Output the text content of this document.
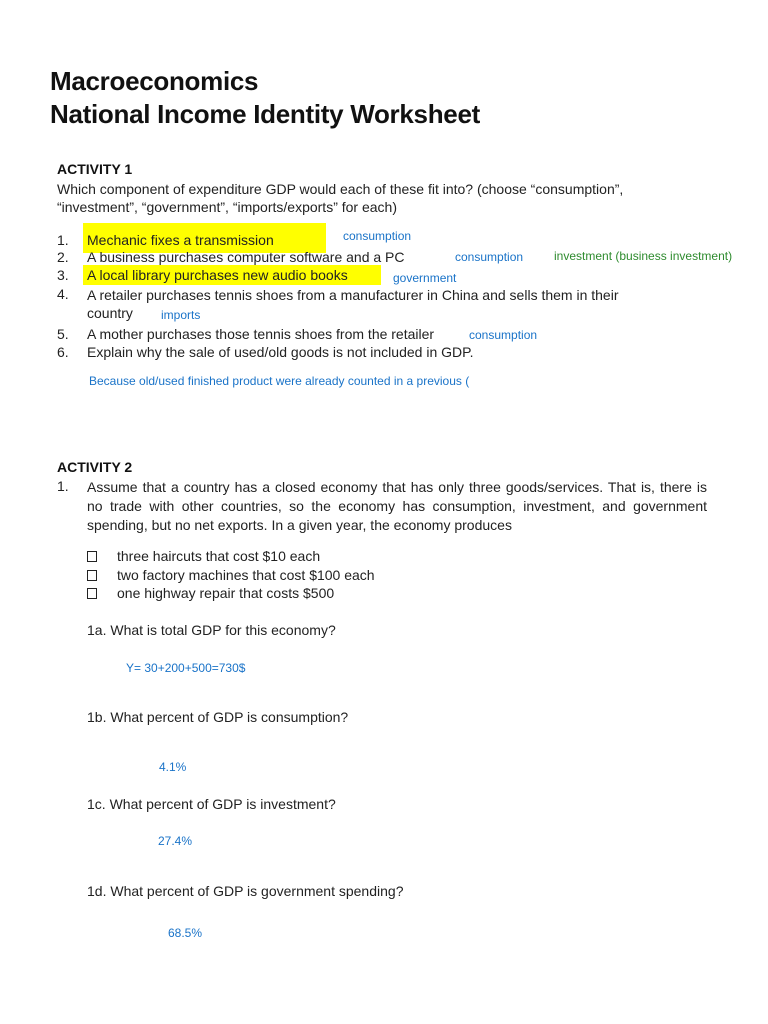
Macroeconomics
National Income Identity Worksheet
ACTIVITY 1
Which component of expenditure GDP would each of these fit into? (choose “consumption”,
“investment”, “government”, “imports/exports” for each)
1. Mechanic fixes a transmission	consumption
2. A business purchases computer software and a PC	consumption	investment (business investment)
3. A local library purchases new audio books	government
4. A retailer purchases tennis shoes from a manufacturer in China and sells them in their
country imports
5. A mother purchases those tennis shoes from the retailer	consumption
6. Explain why the sale of used/old goods is not included in GDP.
Because old/used finished product were already counted in a previous (
ACTIVITY 2
1. Assume that a country has a closed economy that has only three goods/services. That is, there is no trade with other countries, so the economy has consumption, investment, and government spending, but no net exports. In a given year, the economy produces
three haircuts that cost $10 each
two factory machines that cost $100 each
one highway repair that costs $500
1a. What is total GDP for this economy?
Y= 30+200+500=730$
1b. What percent of GDP is consumption?
4.1%
1c. What percent of GDP is investment?
27.4%
1d. What percent of GDP is government spending?
68.5%
